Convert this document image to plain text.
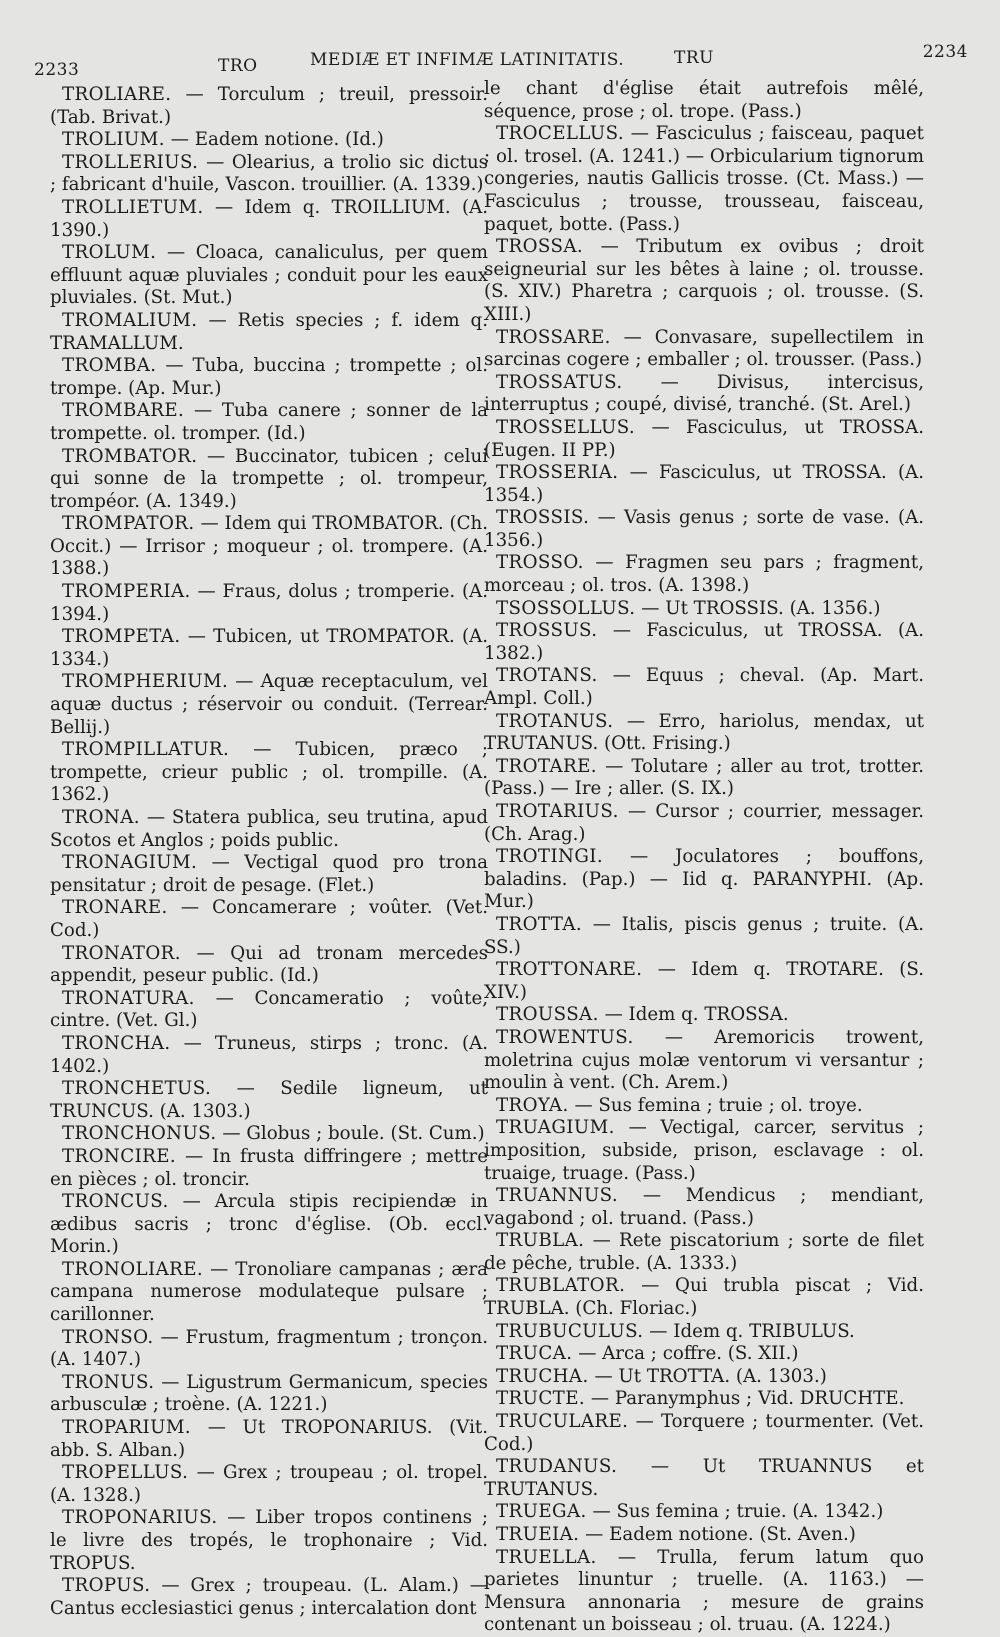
2233	TRO	MEDIÆ ET INFIMÆ LATINITATIS.	TRU	2234

TROLIARE. — Torculum ; treuil, pressoir. (Tab. Brivat.)

TROLIUM. — Eadem notione. (Id.)

TROLLERIUS. — Olearius, a trolio sic dictus ; fabricant d'huile, Vascon. trouillier. (A. 1339.)

TROLLIETUM. — Idem q. TROILLIUM. (A. 1390.)

TROLUM. — Cloaca, canaliculus, per quem effluunt aquæ pluviales ; conduit pour les eaux pluviales. (St. Mut.)

TROMALIUM. — Retis species ; f. idem q. TRAMALLUM.

TROMBA. — Tuba, buccina ; trompette ; ol. trompe. (Ap. Mur.)

TROMBARE. — Tuba canere ; sonner de la trompette. ol. tromper. (Id.)

TROMBATOR. — Buccinator, tubicen ; celui qui sonne de la trompette ; ol. trompeur, trompéor. (A. 1349.)

TROMPATOR. — Idem qui TROMBATOR. (Ch. Occit.) — Irrisor ; moqueur ; ol. trompere. (A. 1388.)

TROMPERIA. — Fraus, dolus ; tromperie. (A. 1394.)

TROMPETA. — Tubicen, ut TROMPATOR. (A. 1334.)

TROMPHERIUM. — Aquæ receptaculum, vel aquæ ductus ; réservoir ou conduit. (Terrear. Bellij.)

TROMPILLATUR. — Tubicen, præco ; trompette, crieur public ; ol. trompille. (A. 1362.)

TRONA. — Statera publica, seu trutina, apud Scotos et Anglos ; poids public.

TRONAGIUM. — Vectigal quod pro trona pensitatur ; droit de pesage. (Flet.)

TRONARE. — Concamerare ; voûter. (Vet. Cod.)

TRONATOR. — Qui ad tronam mercedes appendit, peseur public. (Id.)

TRONATURA. — Concameratio ; voûte, cintre. (Vet. Gl.)

TRONCHA. — Truneus, stirps ; tronc. (A. 1402.)

TRONCHETUS. — Sedile ligneum, ut TRUNCUS. (A. 1303.)

TRONCHONUS. — Globus ; boule. (St. Cum.)

TRONCIRE. — In frusta diffringere ; mettre en pièces ; ol. troncir.

TRONCUS. — Arcula stipis recipiendæ in ædibus sacris ; tronc d'église. (Ob. eccl. Morin.)

TRONOLIARE. — Tronoliare campanas ; æra campana numerose modulateque pulsare ; carillonner.

TRONSO. — Frustum, fragmentum ; tronçon. (A. 1407.)

TRONUS. — Ligustrum Germanicum, species arbusculæ ; troène. (A. 1221.)

TROPARIUM. — Ut TROPONARIUS. (Vit. abb. S. Alban.)

TROPELLUS. — Grex ; troupeau ; ol. tropel. (A. 1328.)

TROPONARIUS. — Liber tropos continens ; le livre des tropés, le trophonaire ; Vid. TROPUS.

TROPUS. — Grex ; troupeau. (L. Alam.) — Cantus ecclesiastici genus ; intercalation dont

le chant d'église était autrefois mêlé, séquence, prose ; ol. trope. (Pass.)

TROCELLUS. — Fasciculus ; faisceau, paquet ; ol. trosel. (A. 1241.) — Orbicularium tignorum congeries, nautis Gallicis trosse. (Ct. Mass.) — Fasciculus ; trousse, trousseau, faisceau, paquet, botte. (Pass.)

TROSSA. — Tributum ex ovibus ; droit seigneurial sur les bêtes à laine ; ol. trousse. (S. XIV.) Pharetra ; carquois ; ol. trousse. (S. XIII.)

TROSSARE. — Convasare, supellectilem in sarcinas cogere ; emballer ; ol. trousser. (Pass.)

TROSSATUS. — Divisus, intercisus, interruptus ; coupé, divisé, tranché. (St. Arel.)

TROSSELLUS. — Fasciculus, ut TROSSA. (Eugen. II PP.)

TROSSERIA. — Fasciculus, ut TROSSA. (A. 1354.)

TROSSIS. — Vasis genus ; sorte de vase. (A. 1356.)

TROSSO. — Fragmen seu pars ; fragment, morceau ; ol. tros. (A. 1398.)

TSOSSOLLUS. — Ut TROSSIS. (A. 1356.)

TROSSUS. — Fasciculus, ut TROSSA. (A. 1382.)

TROTANS. — Equus ; cheval. (Ap. Mart. Ampl. Coll.)

TROTANUS. — Erro, hariolus, mendax, ut TRUTANUS. (Ott. Frising.)

TROTARE. — Tolutare ; aller au trot, trotter. (Pass.) — Ire ; aller. (S. IX.)

TROTARIUS. — Cursor ; courrier, messager. (Ch. Arag.)

TROTINGI. — Joculatores ; bouffons, baladins. (Pap.) — Iid q. PARANYPHI. (Ap. Mur.)

TROTTA. — Italis, piscis genus ; truite. (A. SS.)

TROTTONARE. — Idem q. TROTARE. (S. XIV.)

TROUSSA. — Idem q. TROSSA.

TROWENTUS. — Aremoricis trowent, moletrina cujus molæ ventorum vi versantur ; moulin à vent. (Ch. Arem.)

TROYA. — Sus femina ; truie ; ol. troye.

TRUAGIUM. — Vectigal, carcer, servitus ; imposition, subside, prison, esclavage : ol. truaige, truage. (Pass.)

TRUANNUS. — Mendicus ; mendiant, vagabond ; ol. truand. (Pass.)

TRUBLA. — Rete piscatorium ; sorte de filet de pêche, truble. (A. 1333.)

TRUBLATOR. — Qui trubla piscat ; Vid. TRUBLA. (Ch. Floriac.)

TRUBUCULUS. — Idem q. TRIBULUS.

TRUCA. — Arca ; coffre. (S. XII.)

TRUCHA. — Ut TROTTA. (A. 1303.)

TRUCTE. — Paranymphus ; Vid. DRUCHTE.

TRUCULARE. — Torquere ; tourmenter. (Vet. Cod.)

TRUDANUS. — Ut TRUANNUS et TRUTANUS.

TRUEGA. — Sus femina ; truie. (A. 1342.)

TRUEIA. — Eadem notione. (St. Aven.)

TRUELLA. — Trulla, ferum latum quo parietes linuntur ; truelle. (A. 1163.) — Mensura annonaria ; mesure de grains contenant un boisseau ; ol. truau. (A. 1224.)
